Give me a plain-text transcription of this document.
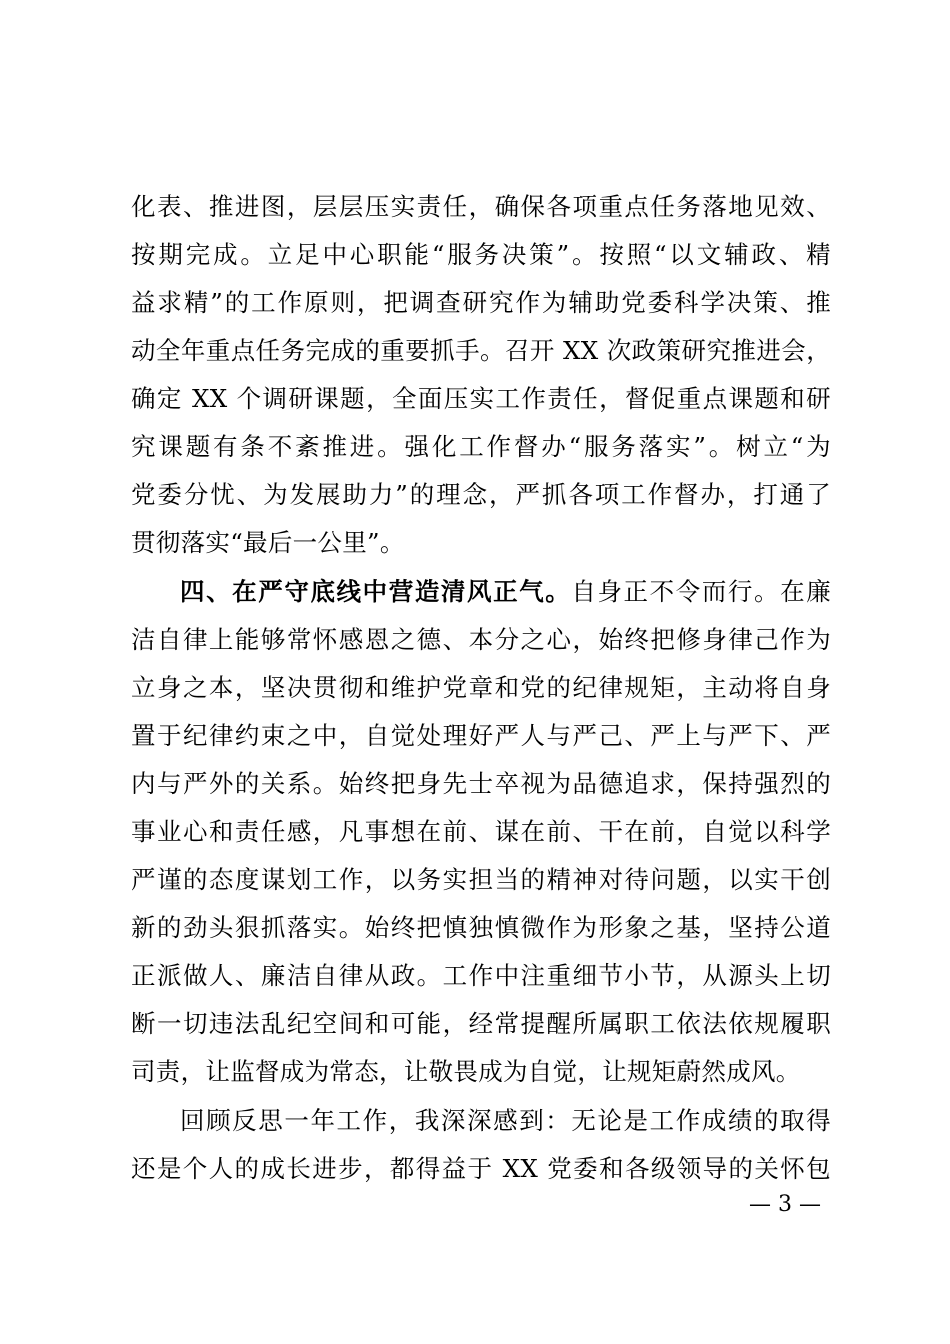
化表、推进图，层层压实责任，确保各项重点任务落地见效、
按期完成。立足中心职能“服务决策”。按照“以文辅政、精
益求精”的工作原则，把调查研究作为辅助党委科学决策、推
动全年重点任务完成的重要抓手。召开 XX 次政策研究推进会，
确定 XX 个调研课题，全面压实工作责任，督促重点课题和研
究课题有条不紊推进。强化工作督办“服务落实”。树立“为
党委分忧、为发展助力”的理念，严抓各项工作督办，打通了
贯彻落实“最后一公里”。
四、在严守底线中营造清风正气。自身正不令而行。在廉
洁自律上能够常怀感恩之德、本分之心，始终把修身律己作为
立身之本，坚决贯彻和维护党章和党的纪律规矩，主动将自身
置于纪律约束之中，自觉处理好严人与严己、严上与严下、严
内与严外的关系。始终把身先士卒视为品德追求，保持强烈的
事业心和责任感，凡事想在前、谋在前、干在前，自觉以科学
严谨的态度谋划工作，以务实担当的精神对待问题，以实干创
新的劲头狠抓落实。始终把慎独慎微作为形象之基，坚持公道
正派做人、廉洁自律从政。工作中注重细节小节，从源头上切
断一切违法乱纪空间和可能，经常提醒所属职工依法依规履职
司责，让监督成为常态，让敬畏成为自觉，让规矩蔚然成风。
回顾反思一年工作，我深深感到：无论是工作成绩的取得
还是个人的成长进步，都得益于 XX 党委和各级领导的关怀包
— 3 —
